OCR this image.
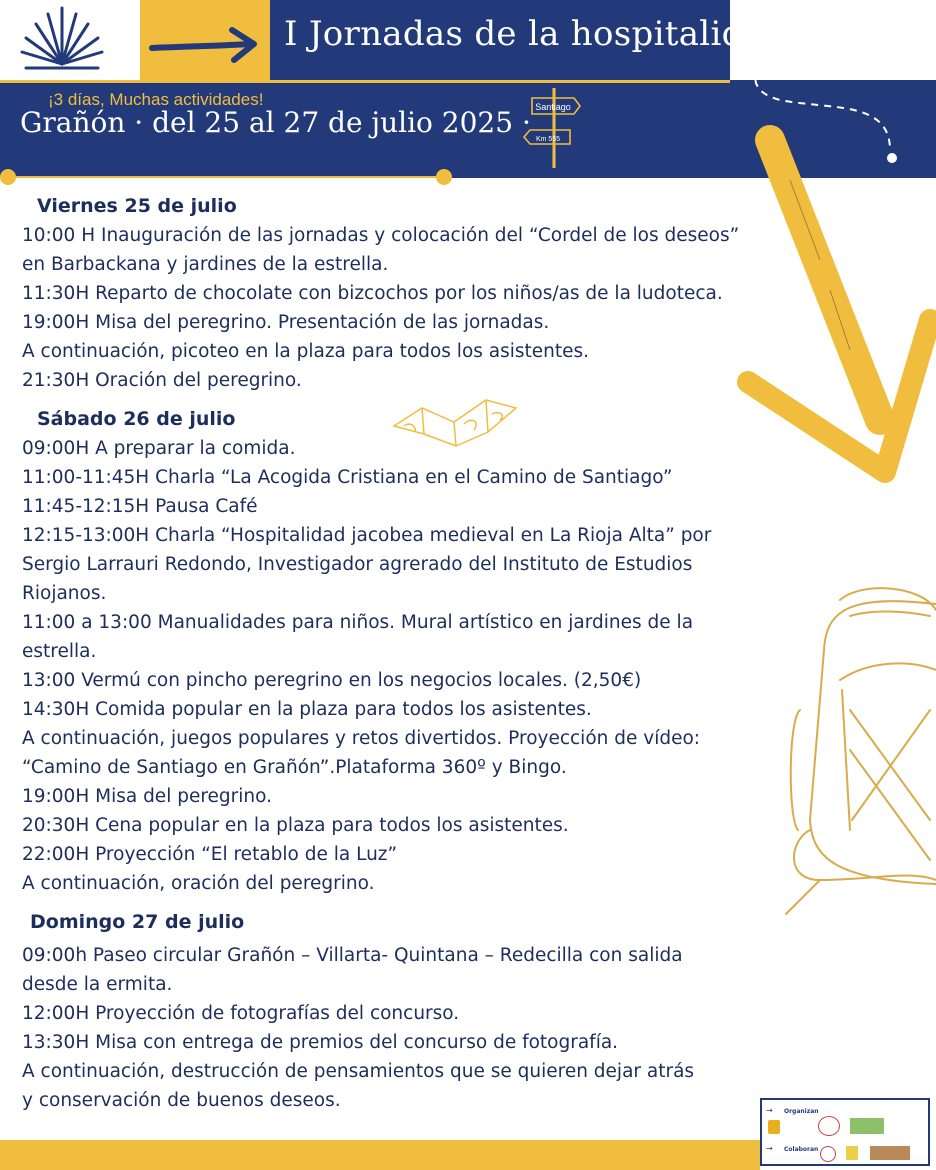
I Jornadas de la hospitalidad
¡3 días, Muchas actividades!
Grañón · del 25 al 27 de julio 2025 · Santiago
Km 555
Viernes 25 de julio

10:00 H Inauguración de las jornadas y colocación del “Cordel de los deseos”

en Barbackana y jardines de la estrella.

11:30H Reparto de chocolate con bizcochos por los niños/as de la ludoteca.

19:00H Misa del peregrino. Presentación de las jornadas.

A continuación, picoteo en la plaza para todos los asistentes.

21:30H Oración del peregrino.

Sábado 26 de julio

09:00H A preparar la comida.

11:00-11:45H Charla “La Acogida Cristiana en el Camino de Santiago”

11:45-12:15H Pausa Café

12:15-13:00H Charla “Hospitalidad jacobea medieval en La Rioja Alta” por

Sergio Larrauri Redondo, Investigador agrerado del Instituto de Estudios

Riojanos.

11:00 a 13:00 Manualidades para niños. Mural artístico en jardines de la

estrella.

13:00 Vermú con pincho peregrino en los negocios locales. (2,50€)

14:30H Comida popular en la plaza para todos los asistentes.

A continuación, juegos populares y retos divertidos. Proyección de vídeo:

“Camino de Santiago en Grañón”.Plataforma 360º y Bingo.

19:00H Misa del peregrino.

20:30H Cena popular en la plaza para todos los asistentes.

22:00H Proyección “El retablo de la Luz”

A continuación, oración del peregrino.

Domingo 27 de julio

09:00h Paseo circular Grañón – Villarta- Quintana – Redecilla con salida

desde la ermita.

12:00H Proyección de fotografías del concurso.

13:30H Misa con entrega de premios del concurso de fotografía.

A continuación, destrucción de pensamientos que se quieren dejar atrás

y conservación de buenos deseos.	→ Organizan
→ Colaboran
